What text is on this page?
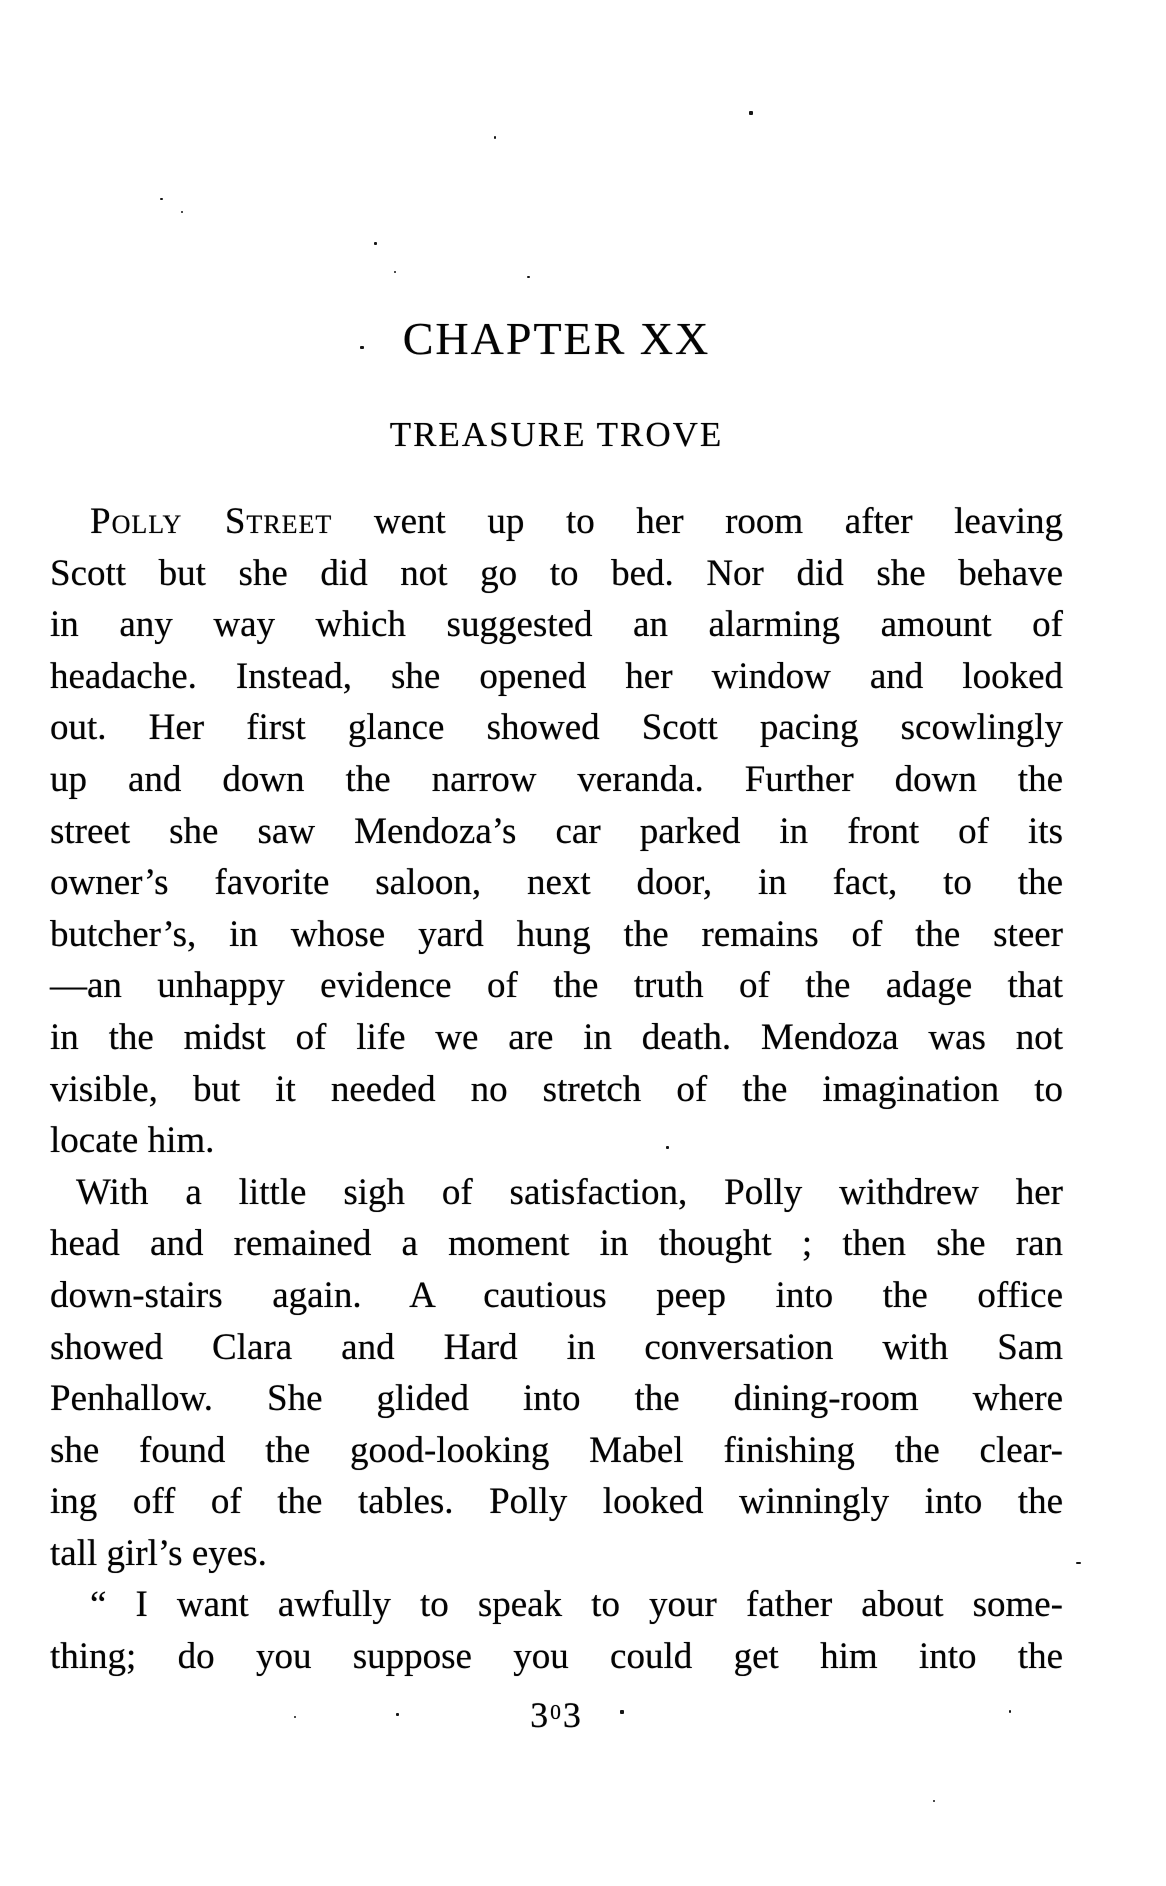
CHAPTER XX
TREASURE TROVE
Polly Street went up to her room after leaving
Scott but she did not go to bed. Nor did she behave
in any way which suggested an alarming amount of
headache. Instead, she opened her window and looked
out. Her first glance showed Scott pacing scowlingly
up and down the narrow veranda. Further down the
street she saw Mendoza’s car parked in front of its
owner’s favorite saloon, next door, in fact, to the
butcher’s, in whose yard hung the remains of the steer
—an unhappy evidence of the truth of the adage that
in the midst of life we are in death. Mendoza was not
visible, but it needed no stretch of the imagination to
locate him.
With a little sigh of satisfaction, Polly withdrew her
head and remained a moment in thought ; then she ran
down-stairs again. A cautious peep into the office
showed Clara and Hard in conversation with Sam
Penhallow. She glided into the dining-room where
she found the good-looking Mabel finishing the clear-
ing off of the tables. Polly looked winningly into the
tall girl’s eyes.
“ I want awfully to speak to your father about some-
thing; do you suppose you could get him into the
$3^03$
